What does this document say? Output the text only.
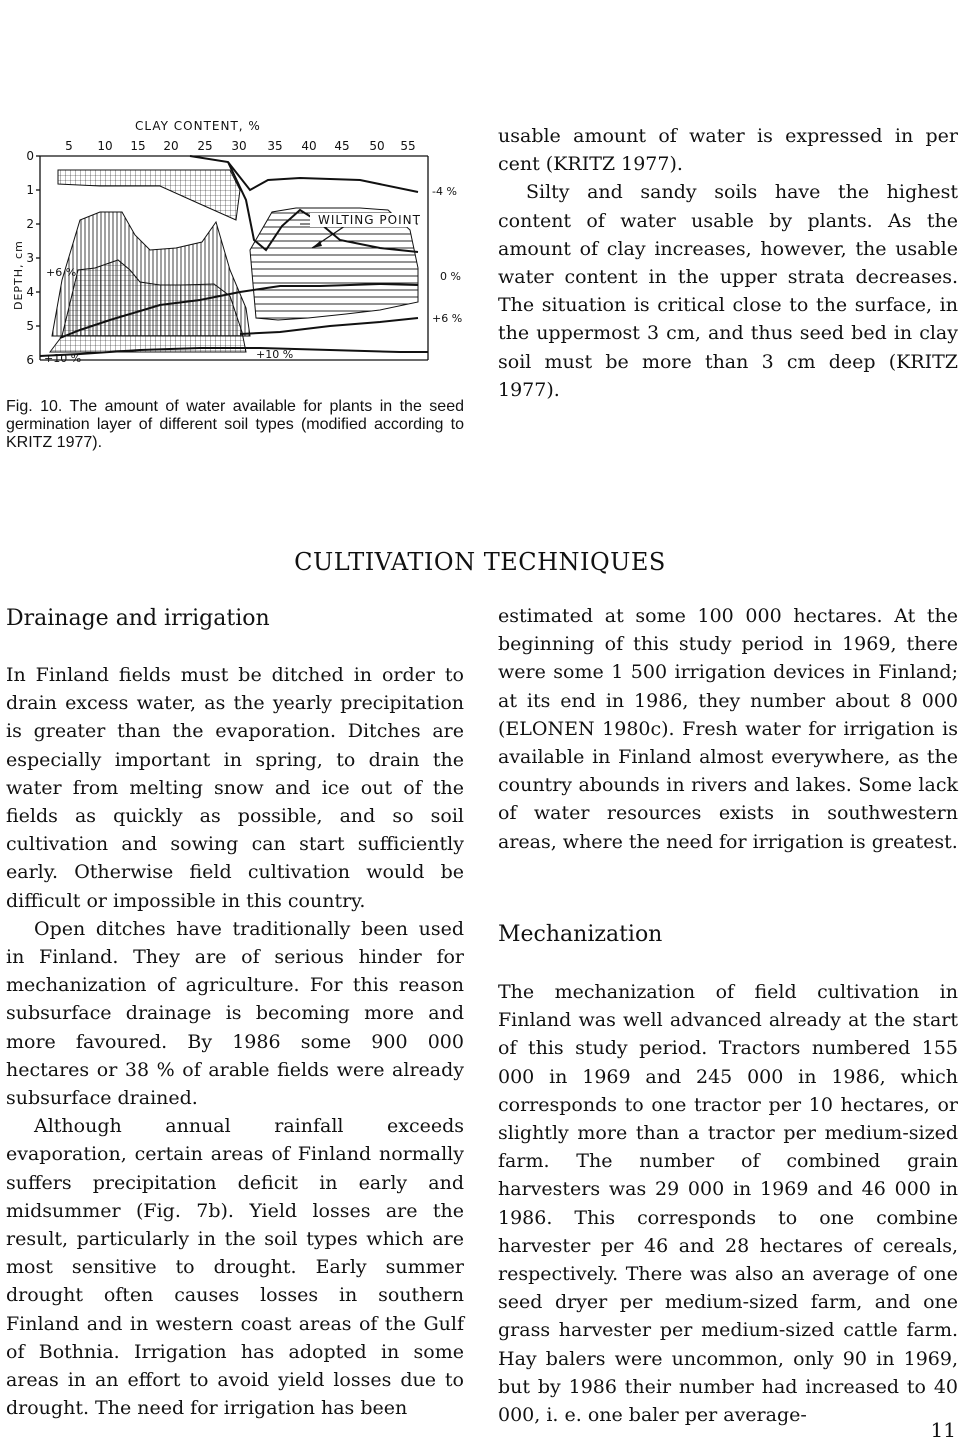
CLAY CONTENT, %
DEPTH, cm
5 10 15 20 25 30 35 40 45 50 55
0
1
2
3
4
5
6
WILTING POINT
-4 %
0 %
+6 %
+6 %
+10 %	+10 %

Fig. 10. The amount of water available for plants in the seed germination layer of different soil types (modified according to KRITZ 1977).

usable amount of water is expressed in per cent (KRITZ 1977).

Silty and sandy soils have the highest content of water usable by plants. As the amount of clay increases, however, the usable water content in the upper strata decreases. The situation is critical close to the surface, in the uppermost 3 cm, and thus seed bed in clay soil must be more than 3 cm deep (KRITZ 1977).

CULTIVATION TECHNIQUES
Drainage and irrigation

In Finland fields must be ditched in order to drain excess water, as the yearly precipitation is greater than the evaporation. Ditches are especially important in spring, to drain the water from melting snow and ice out of the fields as quickly as possible, and so soil cultivation and sowing can start sufficiently early. Otherwise field cultivation would be difficult or impossible in this country.

Open ditches have traditionally been used in Finland. They are of serious hinder for mechanization of agriculture. For this reason subsurface drainage is becoming more and more favoured. By 1986 some 900 000 hectares or 38 % of arable fields were already subsurface drained.

Although annual rainfall exceeds evaporation, certain areas of Finland normally suffers precipitation deficit in early and midsummer (Fig. 7b). Yield losses are the result, particularly in the soil types which are most sensitive to drought. Early summer drought often causes losses in southern Finland and in western coast areas of the Gulf of Bothnia. Irrigation has adopted in some areas in an effort to avoid yield losses due to drought. The need for irrigation has been

estimated at some 100 000 hectares. At the beginning of this study period in 1969, there were some 1 500 irrigation devices in Finland; at its end in 1986, they number about 8 000 (ELONEN 1980c). Fresh water for irrigation is available in Finland almost everywhere, as the country abounds in rivers and lakes. Some lack of water resources exists in southwestern areas, where the need for irrigation is greatest.

Mechanization

The mechanization of field cultivation in Finland was well advanced already at the start of this study period. Tractors numbered 155 000 in 1969 and 245 000 in 1986, which corresponds to one tractor per 10 hectares, or slightly more than a tractor per medium-sized farm. The number of combined grain harvesters was 29 000 in 1969 and 46 000 in 1986. This corresponds to one combine harvester per 46 and 28 hectares of cereals, respectively. There was also an average of one seed dryer per medium-sized farm, and one grass harvester per medium-sized cattle farm. Hay balers were uncommon, only 90 in 1969, but by 1986 their number had increased to 40 000, i. e. one baler per average-

11
